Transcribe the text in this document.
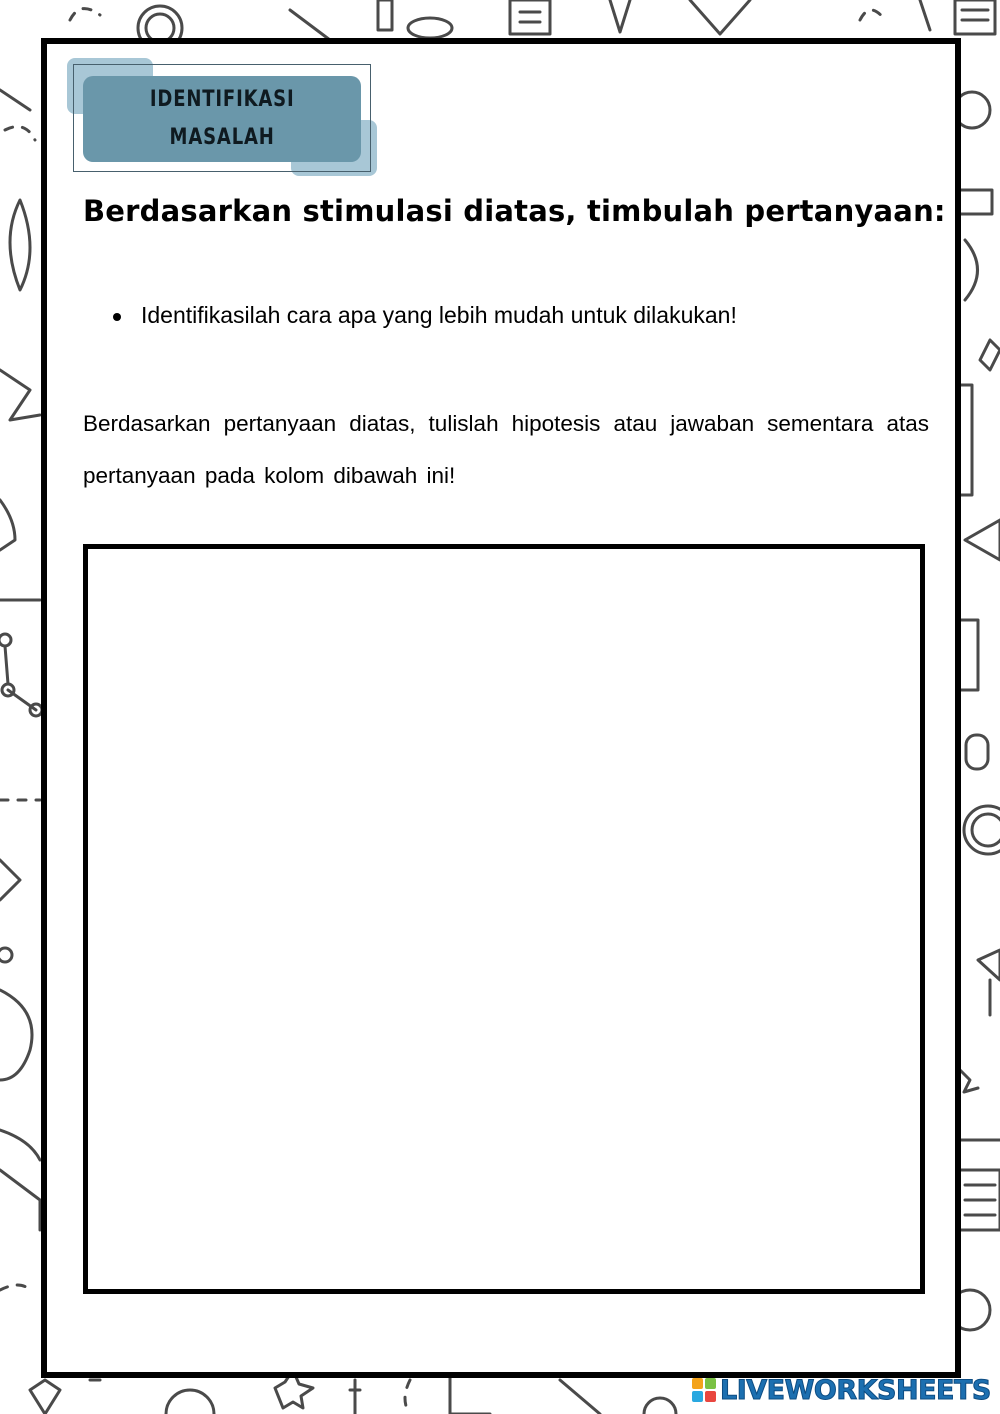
IDENTIFIKASI
MASALAH
Berdasarkan stimulasi diatas, timbulah pertanyaan:
Identifikasilah cara apa yang lebih mudah untuk dilakukan!

Berdasarkan pertanyaan diatas, tulislah hipotesis atau jawaban sementara atas pertanyaan pada kolom dibawah ini!

LIVEWORKSHEETS
